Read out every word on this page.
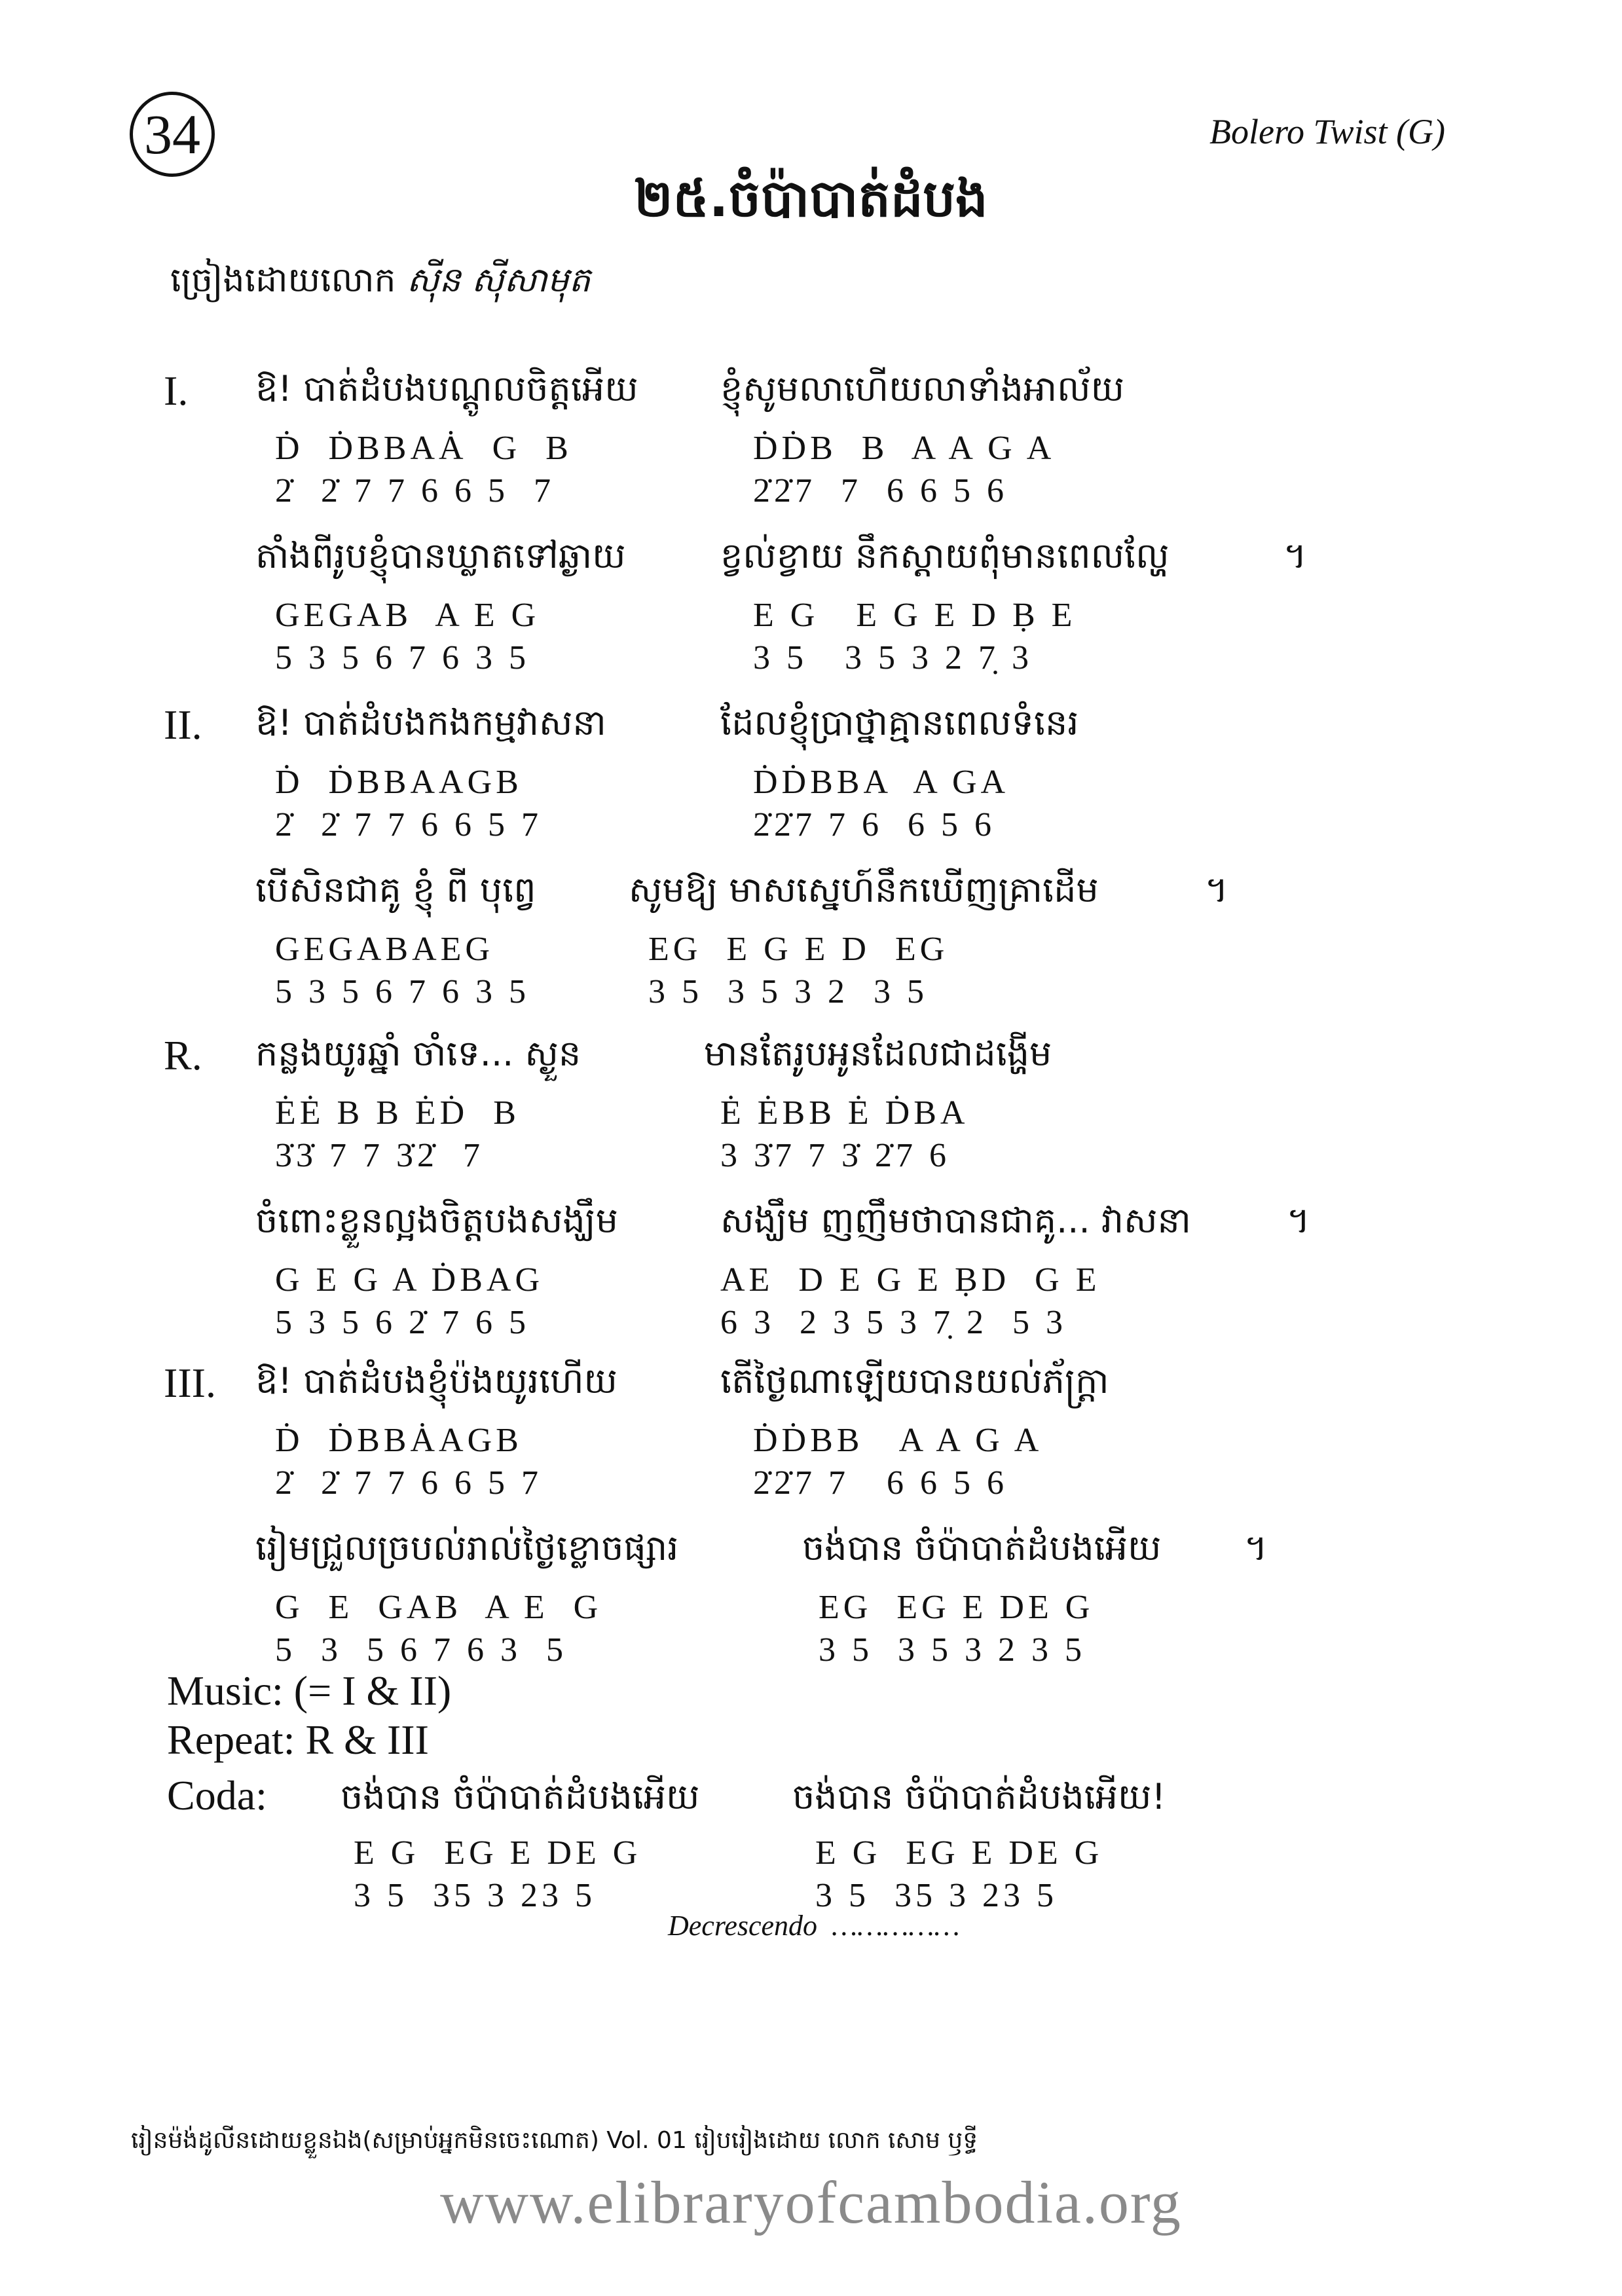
34	Bolero Twist (G)
២៥.ចំប៉ាបាត់ដំបង
ច្រៀងដោយលោក ស៊ីន ស៊ីសាមុត
I. ឱ! បាត់ដំបងបណ្ដូលចិត្តអើយ ខ្ញុំសូមលាហើយលាទាំងអាល័យ
Ḋ  ḊBBAȦ  G  B	ḊḊB  B  A A G A
2̇  2̇ 7 7 6 6 5  7	2̇2̇7  7  6 6 5 6
តាំងពីរូបខ្ញុំបានឃ្លាតទៅឆ្ងាយ	ខ្វល់ខ្វាយ នឹកស្ដាយពុំមានពេលល្ហែ	។
GEGAB  A E G	E G   E G E D Ḅ E
5 3 5 6 7 6 3 5	3 5   3 5 3 2 7̣ 3
II. ឱ! បាត់ដំបងកងកម្មវាសនា	ដែលខ្ញុំប្រាថ្នាគ្មានពេលទំនេរ
Ḋ  ḊBBAAGB	ḊḊBBA  A GA
2̇  2̇ 7 7 6 6 5 7	2̇2̇7 7 6  6 5 6
បើសិនជាគូ ខ្ញុំ ពី បុព្វេ	សូមឱ្យ មាសស្នេហ៍នឹកឃើញគ្រាដើម	។
GEGABAEG	EG  E G E D  EG
5 3 5 6 7 6 3 5	3 5  3 5 3 2  3 5
R. កន្លងយូរឆ្នាំ ចាំទេ... ស្ងួន	មានតែរូបអូនដែលជាដង្ហើម
ĖĖ B B ĖḊ  B	Ė ĖBB Ė ḊBA
3̇3̇ 7 7 3̇2̇  7	3 3̇7 7 3̇ 2̇7 6
ចំពោះខ្លួនល្អងចិត្តបងសង្ឃឹម	សង្ឃឹម ញញឹមថាបានជាគូ... វាសនា	។
G E G A ḊBAG	AE  D E G E ḄD  G E
5 3 5 6 2̇ 7 6 5	6 3  2 3 5 3 7̣ 2  5 3
III. ឱ! បាត់ដំបងខ្ញុំប៉ងយូរហើយ	តើថ្ងៃណាឡើយបានយល់ភ័ក្ត្រា
Ḋ  ḊBBȦAGB	ḊḊBB   A A G A
2̇  2̇ 7 7 6 6 5 7	2̇2̇7 7   6 6 5 6
រៀមជ្រួលច្របល់រាល់ថ្ងៃខ្លោចផ្សារ	ចង់បាន ចំប៉ាបាត់ដំបងអើយ ។
G  E  GAB  A E  G	EG  EG E DE G
5  3  5 6 7 6 3  5	3 5  3 5 3 2 3 5
Music: (= I & II)
Repeat: R & III
Coda: ចង់បាន ចំប៉ាបាត់ដំបងអើយ	ចង់បាន ចំប៉ាបាត់ដំបងអើយ!
E G  EG E DE G
3 5  35 3 23 5
E G  EG E DE G
3 5  35 3 23 5
Decrescendo  ……………
រៀនម៉ង់ដូលីនដោយខ្លួនឯង(សម្រាប់អ្នកមិនចេះណោត) Vol. 01 រៀបរៀងដោយ លោក សោម ឫទ្ធី
www.elibraryofcambodia.org
